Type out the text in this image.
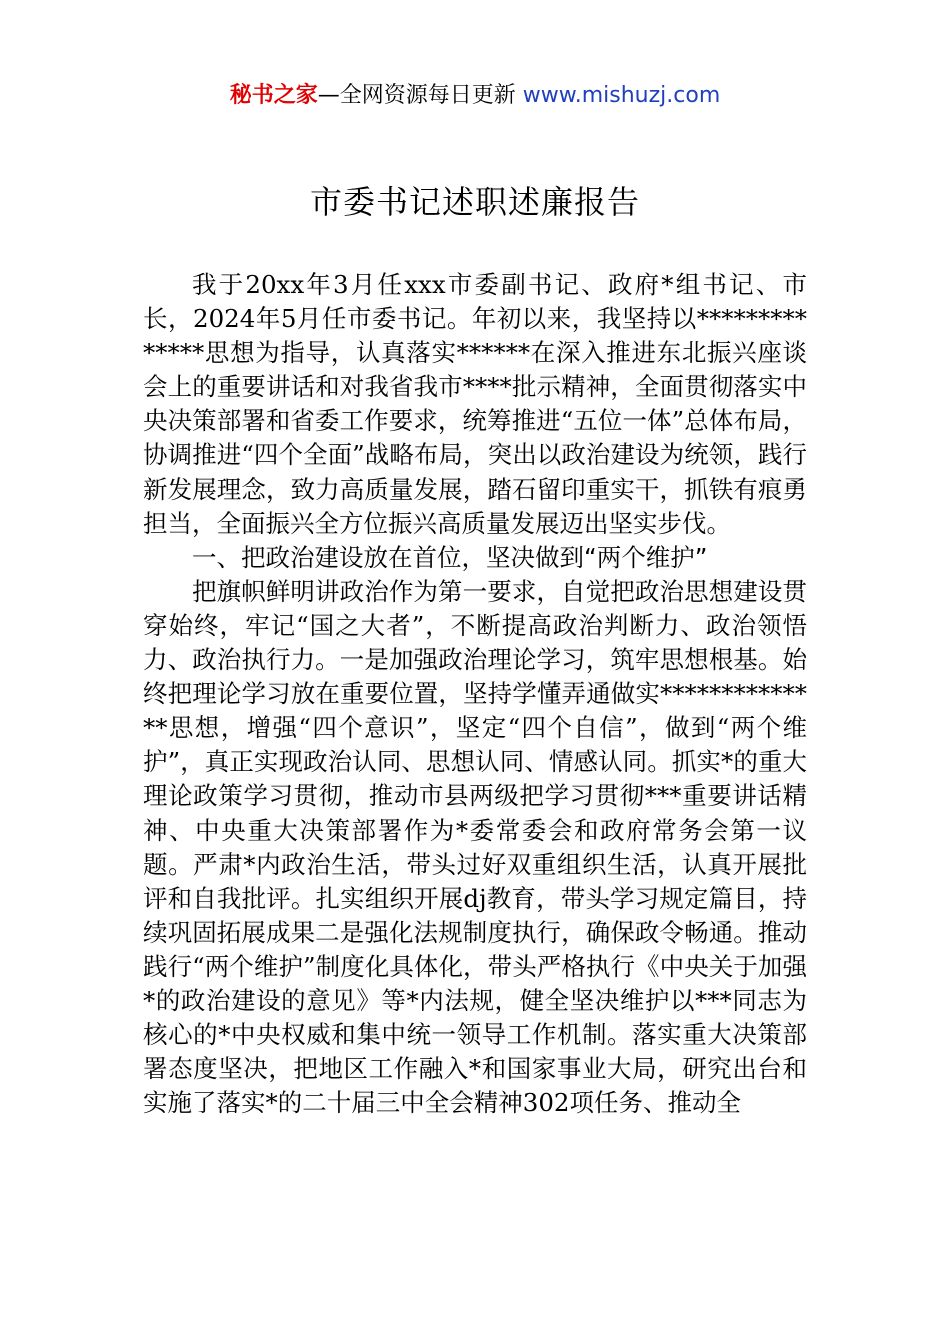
秘书之家—全网资源每日更新 www.mishuzj.com
市委书记述职述廉报告

我于20xx年3月任xxx市委副书记、政府*组书记、市长，2024年5月任市委书记。年初以来，我坚持以**************思想为指导，认真落实******在深入推进东北振兴座谈会上的重要讲话和对我省我市****批示精神，全面贯彻落实中央决策部署和省委工作要求，统筹推进“五位一体”总体布局，协调推进“四个全面”战略布局，突出以政治建设为统领，践行新发展理念，致力高质量发展，踏石留印重实干，抓铁有痕勇担当，全面振兴全方位振兴高质量发展迈出坚实步伐。

一、把政治建设放在首位，坚决做到“两个维护”

把旗帜鲜明讲政治作为第一要求，自觉把政治思想建设贯穿始终，牢记“国之大者”，不断提高政治判断力、政治领悟力、政治执行力。一是加强政治理论学习，筑牢思想根基。始终把理论学习放在重要位置，坚持学懂弄通做实**************思想，增强“四个意识”，坚定“四个自信”，做到“两个维护”，真正实现政治认同、思想认同、情感认同。抓实*的重大理论政策学习贯彻，推动市县两级把学习贯彻***重要讲话精神、中央重大决策部署作为*委常委会和政府常务会第一议题。严肃*内政治生活，带头过好双重组织生活，认真开展批评和自我批评。扎实组织开展dj教育，带头学习规定篇目，持续巩固拓展成果二是强化法规制度执行，确保政令畅通。推动践行“两个维护”制度化具体化，带头严格执行《中央关于加强*的政治建设的意见》等*内法规，健全坚决维护以***同志为核心的*中央权威和集中统一领导工作机制。落实重大决策部署态度坚决，把地区工作融入*和国家事业大局，研究出台和实施了落实*的二十届三中全会精神302项任务、推动全
